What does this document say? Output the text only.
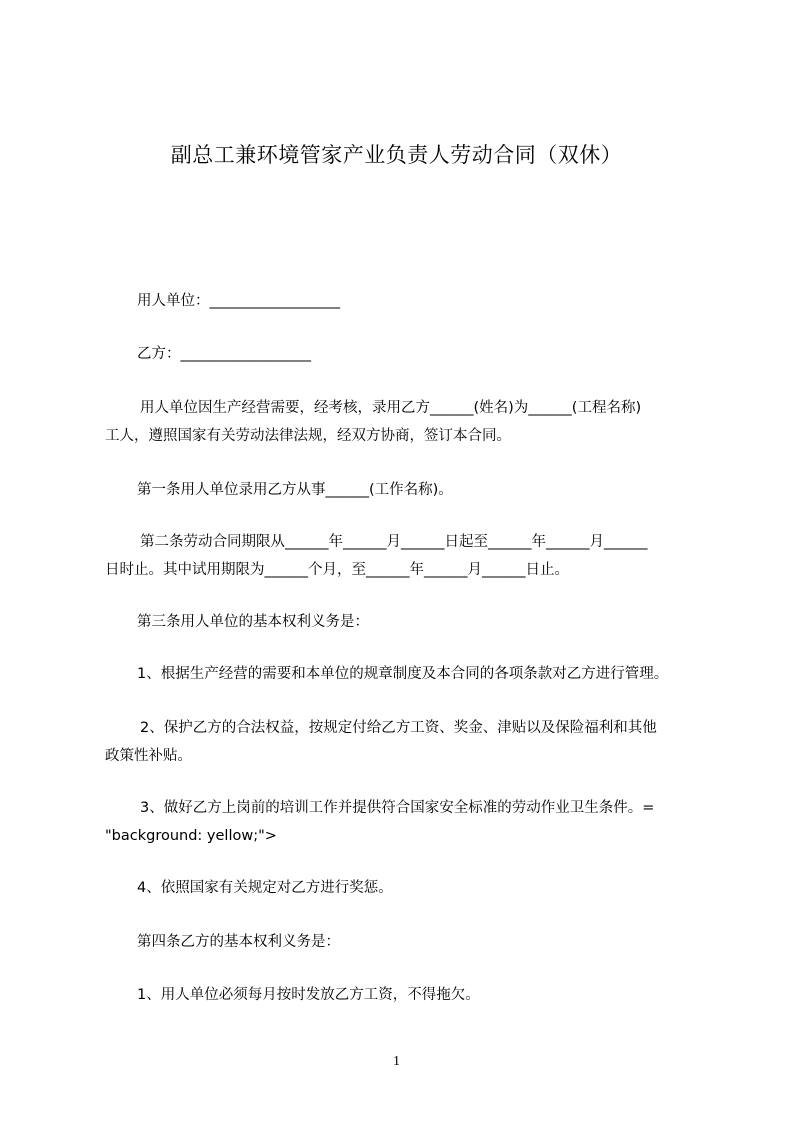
副总工兼环境管家产业负责人劳动合同（双休）
用人单位：__________________
乙方：__________________
用人单位因生产经营需要，经考核，录用乙方______(姓名)为______(工程名称)
工人，遵照国家有关劳动法律法规，经双方协商，签订本合同。
第一条用人单位录用乙方从事______(工作名称)。
第二条劳动合同期限从______年______月______日起至______年______月______
日时止。其中试用期限为______个月，至______年______月______日止。
第三条用人单位的基本权利义务是：
1、根据生产经营的需要和本单位的规章制度及本合同的各项条款对乙方进行管理。
2、保护乙方的合法权益，按规定付给乙方工资、奖金、津贴以及保险福利和其他
政策性补贴。
3、做好乙方上岗前的培训工作并提供符合国家安全标准的劳动作业卫生条件。=
"background: yellow;">
4、依照国家有关规定对乙方进行奖惩。
第四条乙方的基本权利义务是：
1、用人单位必须每月按时发放乙方工资，不得拖欠。
1
